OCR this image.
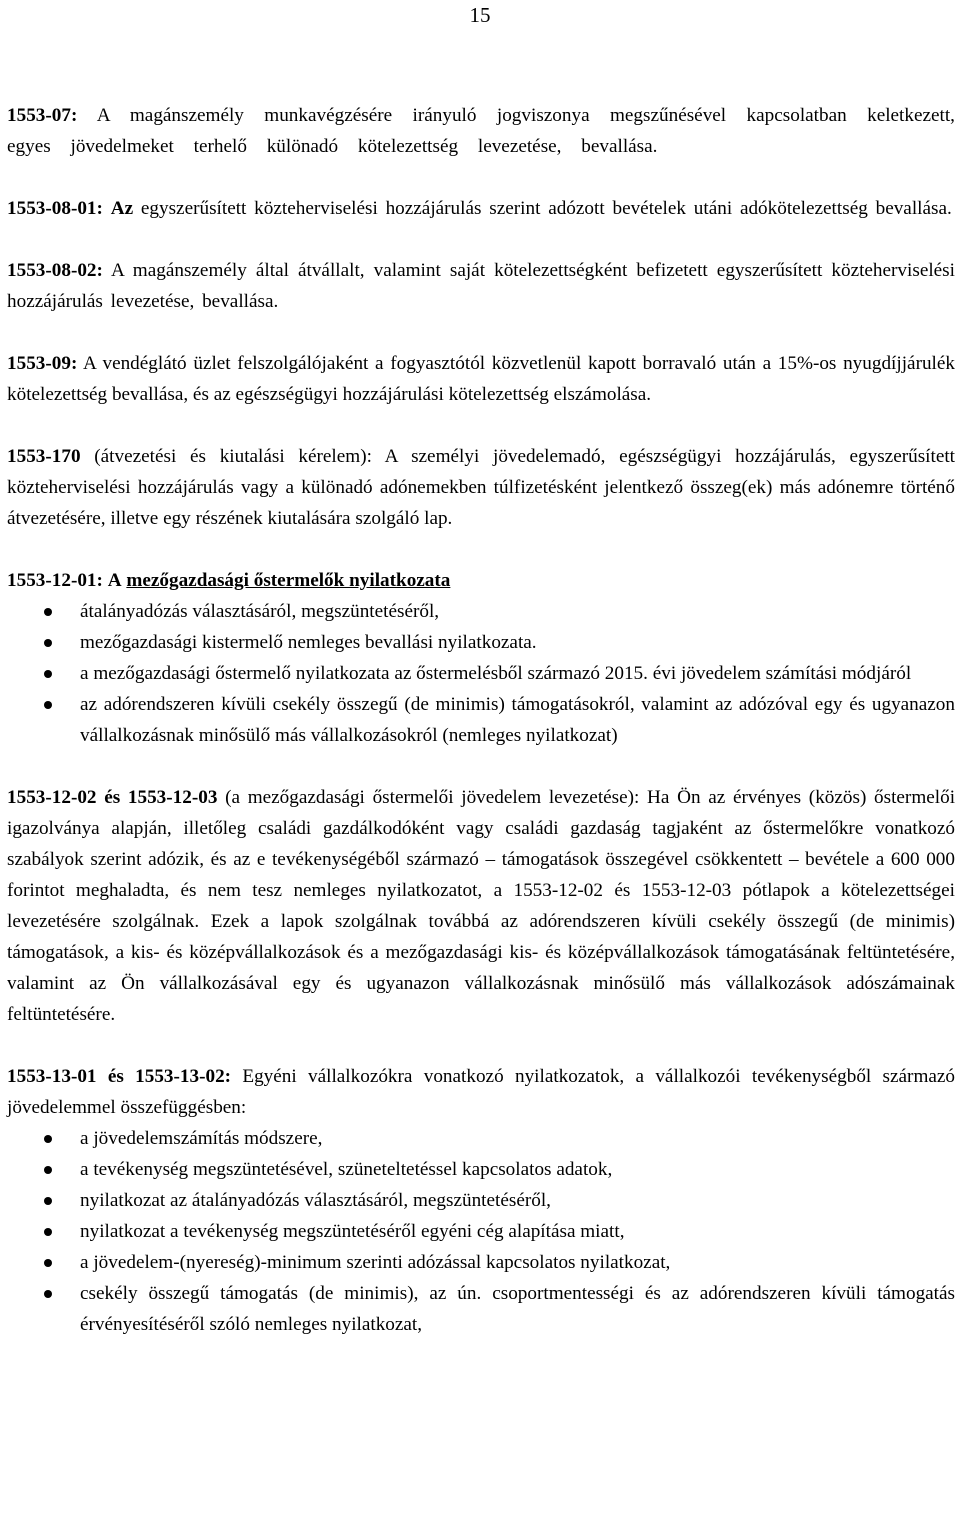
15

1553-07: A magánszemély munkavégzésére irányuló jogviszonya megszűnésével kapcsolatban keletkezett, egyes jövedelmeket terhelő különadó kötelezettség levezetése, bevallása.

1553-08-01: Az egyszerűsített közteherviselési hozzájárulás szerint adózott bevételek utáni adókötelezettség bevallása.

1553-08-02: A magánszemély által átvállalt, valamint saját kötelezettségként befizetett egyszerűsített közteherviselési hozzájárulás levezetése, bevallása.

1553-09: A vendéglátó üzlet felszolgálójaként a fogyasztótól közvetlenül kapott borravaló után a 15%-os nyugdíjjárulék kötelezettség bevallása, és az egészségügyi hozzájárulási kötelezettség elszámolása.

1553-170 (átvezetési és kiutalási kérelem): A személyi jövedelemadó, egészségügyi hozzájárulás, egyszerűsített közteherviselési hozzájárulás vagy a különadó adónemekben túlfizetésként jelentkező összeg(ek) más adónemre történő átvezetésére, illetve egy részének kiutalására szolgáló lap.

1553-12-01: A mezőgazdasági őstermelők nyilatkozata

átalányadózás választásáról, megszüntetéséről,
mezőgazdasági kistermelő nemleges bevallási nyilatkozata.
a mezőgazdasági őstermelő nyilatkozata az őstermelésből származó 2015. évi jövedelem számítási módjáról
az adórendszeren kívüli csekély összegű (de minimis) támogatásokról, valamint az adózóval egy és ugyanazon vállalkozásnak minősülő más vállalkozásokról (nemleges nyilatkozat)

1553-12-02 és 1553-12-03 (a mezőgazdasági őstermelői jövedelem levezetése): Ha Ön az érvényes (közös) őstermelői igazolványa alapján, illetőleg családi gazdálkodóként vagy családi gazdaság tagjaként az őstermelőkre vonatkozó szabályok szerint adózik, és az e tevékenységéből származó – támogatások összegével csökkentett – bevétele a 600 000 forintot meghaladta, és nem tesz nemleges nyilatkozatot, a 1553-12-02 és 1553-12-03 pótlapok a kötelezettségei levezetésére szolgálnak. Ezek a lapok szolgálnak továbbá az adórendszeren kívüli csekély összegű (de minimis) támogatások, a kis- és középvállalkozások és a mezőgazdasági kis- és középvállalkozások támogatásának feltüntetésére, valamint az Ön vállalkozásával egy és ugyanazon vállalkozásnak minősülő más vállalkozások adószámainak feltüntetésére.

1553-13-01 és 1553-13-02: Egyéni vállalkozókra vonatkozó nyilatkozatok, a vállalkozói tevékenységből származó jövedelemmel összefüggésben:

a jövedelemszámítás módszere,
a tevékenység megszüntetésével, szüneteltetéssel kapcsolatos adatok,
nyilatkozat az átalányadózás választásáról, megszüntetéséről,
nyilatkozat a tevékenység megszüntetéséről egyéni cég alapítása miatt,
a jövedelem-(nyereség)-minimum szerinti adózással kapcsolatos nyilatkozat,
csekély összegű támogatás (de minimis), az ún. csoportmentességi és az adórendszeren kívüli támogatás érvényesítéséről szóló nemleges nyilatkozat,
